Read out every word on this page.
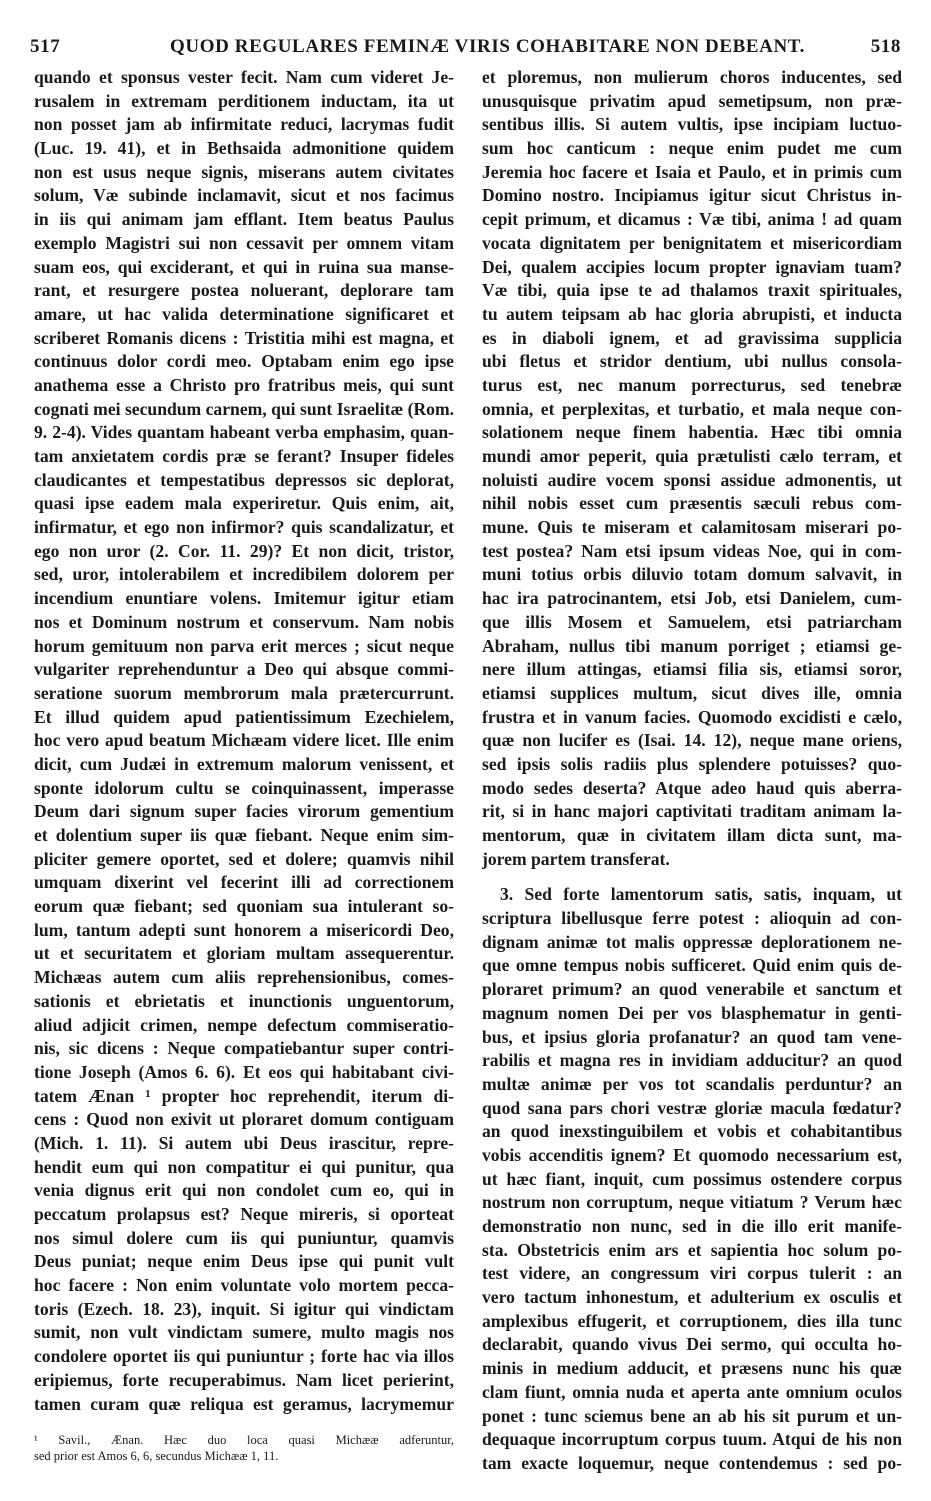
517	QUOD REGULARES FEMINÆ VIRIS COHABITARE NON DEBEANT.	518
quando et sponsus vester fecit. Nam cum videret Je-
rusalem in extremam perditionem inductam, ita ut
non posset jam ab infirmitate reduci, lacrymas fudit
(Luc. 19. 41), et in Bethsaida admonitione quidem
non est usus neque signis, miserans autem civitates
solum, Væ subinde inclamavit, sicut et nos facimus
in iis qui animam jam efflant. Item beatus Paulus
exemplo Magistri sui non cessavit per omnem vitam
suam eos, qui exciderant, et qui in ruina sua manse-
rant, et resurgere postea noluerant, deplorare tam
amare, ut hac valida determinatione significaret et
scriberet Romanis dicens : Tristitia mihi est magna, et
continuus dolor cordi meo. Optabam enim ego ipse
anathema esse a Christo pro fratribus meis, qui sunt
cognati mei secundum carnem, qui sunt Israelitæ (Rom.
9. 2-4). Vides quantam habeant verba emphasim, quan-
tam anxietatem cordis præ se ferant? Insuper fideles
claudicantes et tempestatibus depressos sic deplorat,
quasi ipse eadem mala experiretur. Quis enim, ait,
infirmatur, et ego non infirmor? quis scandalizatur, et
ego non uror (2. Cor. 11. 29)? Et non dicit, tristor,
sed, uror, intolerabilem et incredibilem dolorem per
incendium enuntiare volens. Imitemur igitur etiam
nos et Dominum nostrum et conservum. Nam nobis
horum gemituum non parva erit merces ; sicut neque
vulgariter reprehenduntur a Deo qui absque commi-
seratione suorum membrorum mala prætercurrunt.
Et illud quidem apud patientissimum Ezechielem,
hoc vero apud beatum Michæam videre licet. Ille enim
dicit, cum Judæi in extremum malorum venissent, et
sponte idolorum cultu se coinquinassent, imperasse
Deum dari signum super facies virorum gementium
et dolentium super iis quæ fiebant. Neque enim sim-
pliciter gemere oportet, sed et dolere; quamvis nihil
umquam dixerint vel fecerint illi ad correctionem
eorum quæ fiebant; sed quoniam sua intulerant so-
lum, tantum adepti sunt honorem a misericordi Deo,
ut et securitatem et gloriam multam assequerentur.
Michæas autem cum aliis reprehensionibus, comes-
sationis et ebrietatis et inunctionis unguentorum,
aliud adjicit crimen, nempe defectum commiseratio-
nis, sic dicens : Neque compatiebantur super contri-
tione Joseph (Amos 6. 6). Et eos qui habitabant civi-
tatem Ænan ¹ propter hoc reprehendit, iterum di-
cens : Quod non exivit ut ploraret domum contiguam
(Mich. 1. 11). Si autem ubi Deus irascitur, repre-
hendit eum qui non compatitur ei qui punitur, qua
venia dignus erit qui non condolet cum eo, qui in
peccatum prolapsus est? Neque mireris, si oporteat
nos simul dolere cum iis qui puniuntur, quamvis
Deus puniat; neque enim Deus ipse qui punit vult
hoc facere : Non enim voluntate volo mortem pecca-
toris (Ezech. 18. 23), inquit. Si igitur qui vindictam
sumit, non vult vindictam sumere, multo magis nos
condolere oportet iis qui puniuntur ; forte hac via illos
eripiemus, forte recuperabimus. Nam licet perierint,
tamen curam quæ reliqua est geramus, lacrymemur
¹ Savil., Ænan. Hæc duo loca quasi Michææ adferuntur,
sed prior est Amos 6, 6, secundus Michææ 1, 11.
et ploremus, non mulierum choros inducentes, sed
unusquisque privatim apud semetipsum, non præ-
sentibus illis. Si autem vultis, ipse incipiam luctuo-
sum hoc canticum : neque enim pudet me cum
Jeremia hoc facere et Isaia et Paulo, et in primis cum
Domino nostro. Incipiamus igitur sicut Christus in-
cepit primum, et dicamus : Væ tibi, anima ! ad quam
vocata dignitatem per benignitatem et misericordiam
Dei, qualem accipies locum propter ignaviam tuam?
Væ tibi, quia ipse te ad thalamos traxit spirituales,
tu autem teipsam ab hac gloria abrupisti, et inducta
es in diaboli ignem, et ad gravissima supplicia
ubi fletus et stridor dentium, ubi nullus consola-
turus est, nec manum porrecturus, sed tenebræ
omnia, et perplexitas, et turbatio, et mala neque con-
solationem neque finem habentia. Hæc tibi omnia
mundi amor peperit, quia prætulisti cælo terram, et
noluisti audire vocem sponsi assidue admonentis, ut
nihil nobis esset cum præsentis sæculi rebus com-
mune. Quis te miseram et calamitosam miserari po-
test postea? Nam etsi ipsum videas Noe, qui in com-
muni totius orbis diluvio totam domum salvavit, in
hac ira patrocinantem, etsi Job, etsi Danielem, cum-
que illis Mosem et Samuelem, etsi patriarcham
Abraham, nullus tibi manum porriget ; etiamsi ge-
nere illum attingas, etiamsi filia sis, etiamsi soror,
etiamsi supplices multum, sicut dives ille, omnia
frustra et in vanum facies. Quomodo excidisti e cælo,
quæ non lucifer es (Isai. 14. 12), neque mane oriens,
sed ipsis solis radiis plus splendere potuisses? quo-
modo sedes deserta? Atque adeo haud quis aberra-
rit, si in hanc majori captivitati traditam animam la-
mentorum, quæ in civitatem illam dicta sunt, ma-
jorem partem transferat.
3. Sed forte lamentorum satis, satis, inquam, ut
scriptura libellusque ferre potest : alioquin ad con-
dignam animæ tot malis oppressæ deplorationem ne-
que omne tempus nobis sufficeret. Quid enim quis de-
ploraret primum? an quod venerabile et sanctum et
magnum nomen Dei per vos blasphematur in genti-
bus, et ipsius gloria profanatur? an quod tam vene-
rabilis et magna res in invidiam adducitur? an quod
multæ animæ per vos tot scandalis perduntur? an
quod sana pars chori vestræ gloriæ macula fœdatur?
an quod inexstinguibilem et vobis et cohabitantibus
vobis accenditis ignem? Et quomodo necessarium est,
ut hæc fiant, inquit, cum possimus ostendere corpus
nostrum non corruptum, neque vitiatum ? Verum hæc
demonstratio non nunc, sed in die illo erit manife-
sta. Obstetricis enim ars et sapientia hoc solum po-
test videre, an congressum viri corpus tulerit : an
vero tactum inhonestum, et adulterium ex osculis et
amplexibus effugerit, et corruptionem, dies illa tunc
declarabit, quando vivus Dei sermo, qui occulta ho-
minis in medium adducit, et præsens nunc his quæ
clam fiunt, omnia nuda et aperta ante omnium oculos
ponet : tunc sciemus bene an ab his sit purum et un-
dequaque incorruptum corpus tuum. Atqui de his non
tam exacte loquemur, neque contendemus : sed po-
